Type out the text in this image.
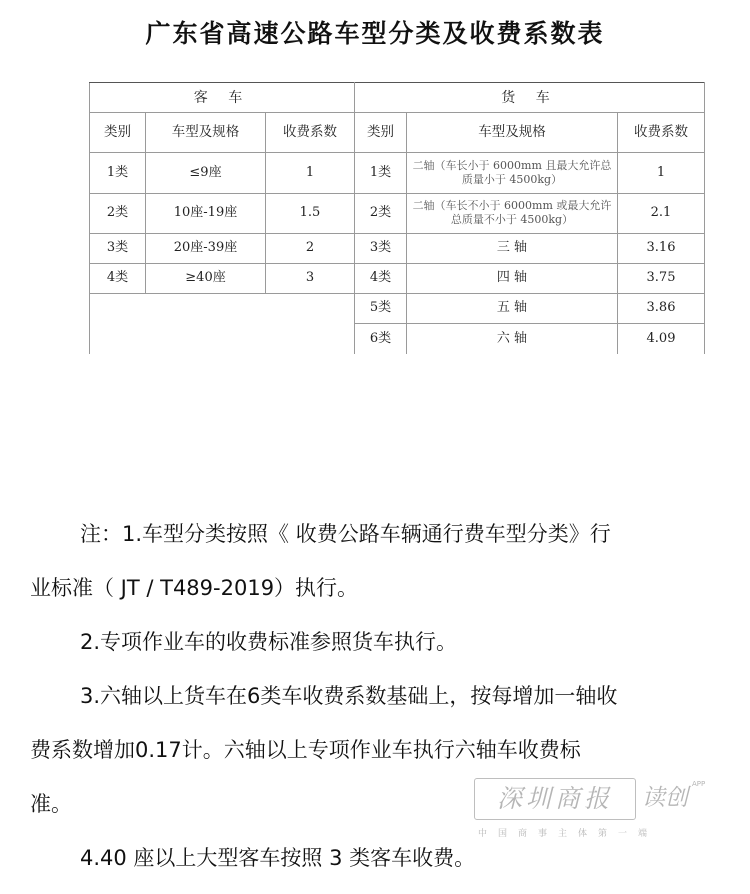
广东省高速公路车型分类及收费系数表
客 车			货 车		
类别	车型及规格	收费系数	类别	车型及规格	收费系数
1类	≤9座	1	1类	二轴（车长小于 6000mm 且最大允许总质量小于 4500kg）	1
2类	10座-19座	1.5	2类	二轴（车长不小于 6000mm 或最大允许总质量不小于 4500kg）	2.1
3类	20座-39座	2	3类	三 轴	3.16
4类	≥40座	3	4类	四 轴	3.75
			5类	五 轴	3.86
			6类	六 轴	4.09

注：1.车型分类按照《 收费公路车辆通行费车型分类》行

业标准（ JT / T489-2019）执行。

2.专项作业车的收费标准参照货车执行。

3.六轴以上货车在6类车收费系数基础上，按每增加一轴收

费系数增加0.17计。六轴以上专项作业车执行六轴车收费标

准。

4.40 座以上大型客车按照 3 类客车收费。

深圳商报	读创
APP
中国商事主体第一端
